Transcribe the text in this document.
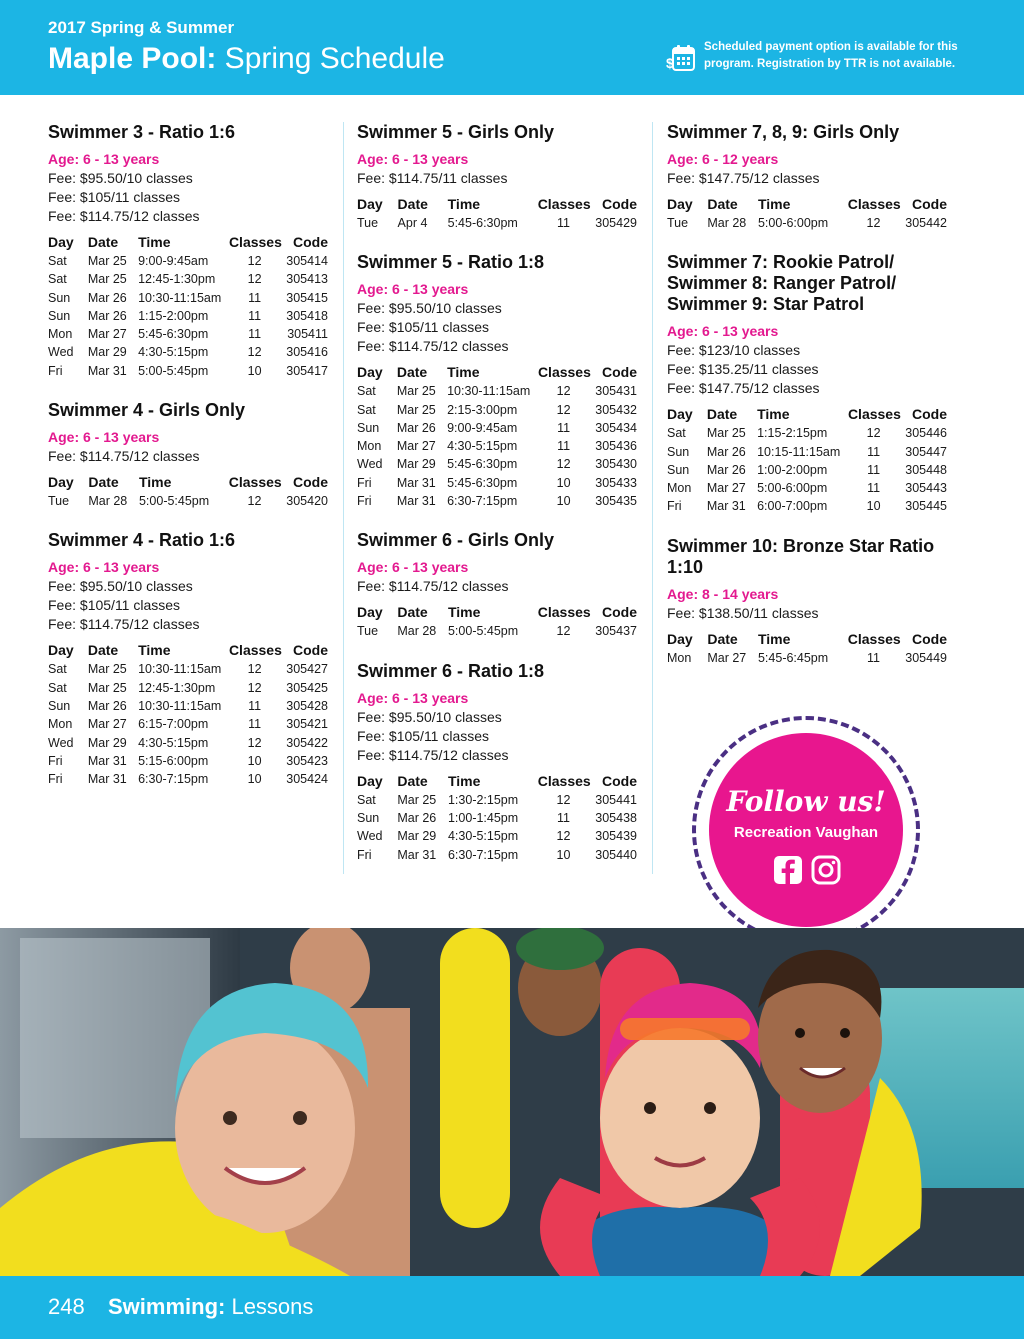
2017 Spring & Summer
Maple Pool: Spring Schedule	$
Scheduled payment option is available for this program. Registration by TTR is not available.
Swimmer 3 - Ratio 1:6
Age: 6 - 13 years
Fee: $95.50/10 classes
Fee: $105/11 classes
Fee: $114.75/12 classes
Day	Date	Time	Classes	Code
Sat	Mar 25	9:00-9:45am	12	305414
Sat	Mar 25	12:45-1:30pm	12	305413
Sun	Mar 26	10:30-11:15am	11	305415
Sun	Mar 26	1:15-2:00pm	11	305418
Mon	Mar 27	5:45-6:30pm	11	305411
Wed	Mar 29	4:30-5:15pm	12	305416
Fri	Mar 31	5:00-5:45pm	10	305417
Swimmer 4 - Girls Only
Age: 6 - 13 years
Fee: $114.75/12 classes
Day	Date	Time	Classes	Code
Tue	Mar 28	5:00-5:45pm	12	305420
Swimmer 4 - Ratio 1:6
Age: 6 - 13 years
Fee: $95.50/10 classes
Fee: $105/11 classes
Fee: $114.75/12 classes
Day	Date	Time	Classes	Code
Sat	Mar 25	10:30-11:15am	12	305427
Sat	Mar 25	12:45-1:30pm	12	305425
Sun	Mar 26	10:30-11:15am	11	305428
Mon	Mar 27	6:15-7:00pm	11	305421
Wed	Mar 29	4:30-5:15pm	12	305422
Fri	Mar 31	5:15-6:00pm	10	305423
Fri	Mar 31	6:30-7:15pm	10	305424
Swimmer 5 - Girls Only
Age: 6 - 13 years
Fee: $114.75/11 classes
Day	Date	Time	Classes	Code
Tue	Apr 4	5:45-6:30pm	11	305429
Swimmer 5 - Ratio 1:8
Age: 6 - 13 years
Fee: $95.50/10 classes
Fee: $105/11 classes
Fee: $114.75/12 classes
Day	Date	Time	Classes	Code
Sat	Mar 25	10:30-11:15am	12	305431
Sat	Mar 25	2:15-3:00pm	12	305432
Sun	Mar 26	9:00-9:45am	11	305434
Mon	Mar 27	4:30-5:15pm	11	305436
Wed	Mar 29	5:45-6:30pm	12	305430
Fri	Mar 31	5:45-6:30pm	10	305433
Fri	Mar 31	6:30-7:15pm	10	305435
Swimmer 6 - Girls Only
Age: 6 - 13 years
Fee: $114.75/12 classes
Day	Date	Time	Classes	Code
Tue	Mar 28	5:00-5:45pm	12	305437
Swimmer 6 - Ratio 1:8
Age: 6 - 13 years
Fee: $95.50/10 classes
Fee: $105/11 classes
Fee: $114.75/12 classes
Day	Date	Time	Classes	Code
Sat	Mar 25	1:30-2:15pm	12	305441
Sun	Mar 26	1:00-1:45pm	11	305438
Wed	Mar 29	4:30-5:15pm	12	305439
Fri	Mar 31	6:30-7:15pm	10	305440
Swimmer 7, 8, 9: Girls Only
Age: 6 - 12 years
Fee: $147.75/12 classes
Day	Date	Time	Classes	Code
Tue	Mar 28	5:00-6:00pm	12	305442
Swimmer 7: Rookie Patrol/ Swimmer 8: Ranger Patrol/ Swimmer 9: Star Patrol
Age: 6 - 13 years
Fee: $123/10 classes
Fee: $135.25/11 classes
Fee: $147.75/12 classes
Day	Date	Time	Classes	Code
Sat	Mar 25	1:15-2:15pm	12	305446
Sun	Mar 26	10:15-11:15am	11	305447
Sun	Mar 26	1:00-2:00pm	11	305448
Mon	Mar 27	5:00-6:00pm	11	305443
Fri	Mar 31	6:00-7:00pm	10	305445
Swimmer 10: Bronze Star Ratio 1:10
Age: 8 - 14 years
Fee: $138.50/11 classes
Day	Date	Time	Classes	Code
Mon	Mar 27	5:45-6:45pm	11	305449
Follow us!
Recreation Vaughan
248 Swimming: Lessons
